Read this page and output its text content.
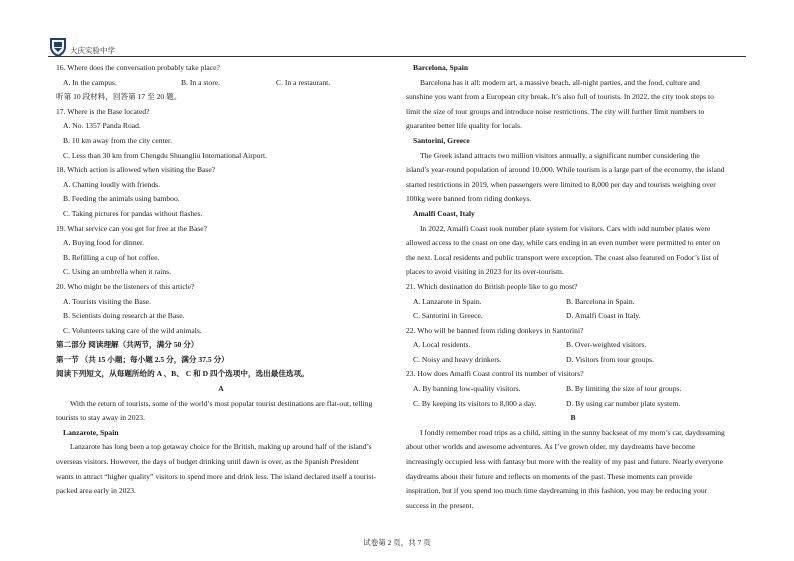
大庆实验中学
16. Where does the conversation probably take place?
A. In the campus.	B. In a store.	C. In a restaurant.
听第 10 段材料，回答第 17 至 20 题。
17. Where is the Base located?
A. No. 1357 Panda Road.
B. 10 km away from the city center.
C. Less than 30 km from Chengdu Shuangliu International Airport.
18. Which action is allowed when visiting the Base?
A. Chatting loudly with friends.
B. Feeding the animals using bamboo.
C. Taking pictures for pandas without flashes.
19. What service can you get for free at the Base?
A. Buying food for dinner.
B. Refilling a cup of hot coffee.
C. Using an umbrella when it rains.
20. Who might be the listeners of this article?
A. Tourists visiting the Base.
B. Scientists doing research at the Base.
C. Volunteers taking care of the wild animals.
第二部分 阅读理解（共两节，满分 50 分）
第一节 （共 15 小题；每小题 2.5 分，满分 37.5 分）
阅读下列短文，从每题所给的 A 、B、 C 和 D 四个选项中，选出最佳选项。
A
With the return of tourists, some of the world’s most popular tourist destinations are flat-out, telling
tourists to stay away in 2023.
Lanzarote, Spain
Lanzarote has long been a top getaway choice for the British, making up around half of the island’s
overseas visitors. However, the days of budget drinking until dawn is over, as the Spanish President
wants to attract “higher quality” visitors to spend more and drink less. The island declared itself a tourist-
packed area early in 2023.
Barcelona, Spain
Barcelona has it all: modern art, a massive beach, all-night parties, and the food, culture and
sunshine you want from a European city break. It’s also full of tourists. In 2022, the city took steps to
limit the size of tour groups and introduce noise restrictions. The city will further limit numbers to
guarantee better life quality for locals.
Santorini, Greece
The Greek island attracts two million visitors annually, a significant number considering the
island’s year-round population of around 10,000. While tourism is a large part of the economy, the island
started restrictions in 2019, when passengers were limited to 8,000 per day and tourists weighing over
100kg were banned from riding donkeys.
Amalfi Coast, Italy
In 2022, Amalfi Coast took number plate system for visitors. Cars with odd number plates were
allowed access to the coast on one day, while cars ending in an even number were permitted to enter on
the next. Local residents and public transport were exception. The coast also featured on Fodor’s list of
places to avoid visiting in 2023 for its over-tourism.
21. Which destination do British people like to go most?
A. Lanzarote in Spain.	B. Barcelona in Spain.
C. Santorini in Greece.	D. Amalfi Coast in Italy.
22. Who will be banned from riding donkeys in Santorini?
A. Local residents.	B. Over-weighted visitors.
C. Noisy and heavy drinkers.	D. Visitors from tour groups.
23. How does Amalfi Coast control its number of visitors?
A. By banning low-quality visitors.	B. By limiting the size of tour groups.
C. By keeping its visitors to 8,000 a day.	D. By using car number plate system.
B
I fondly remember road trips as a child, sitting in the sunny backseat of my mom’s car, daydreaming
about other worlds and awesome adventures. As I’ve grown older, my daydreams have become
increasingly occupied less with fantasy but more with the reality of my past and future. Nearly everyone
daydreams about their future and reflects on moments of the past. These moments can provide
inspiration, but if you spend too much time daydreaming in this fashion, you may be reducing your
success in the present.
试卷第 2 页，共 7 页
